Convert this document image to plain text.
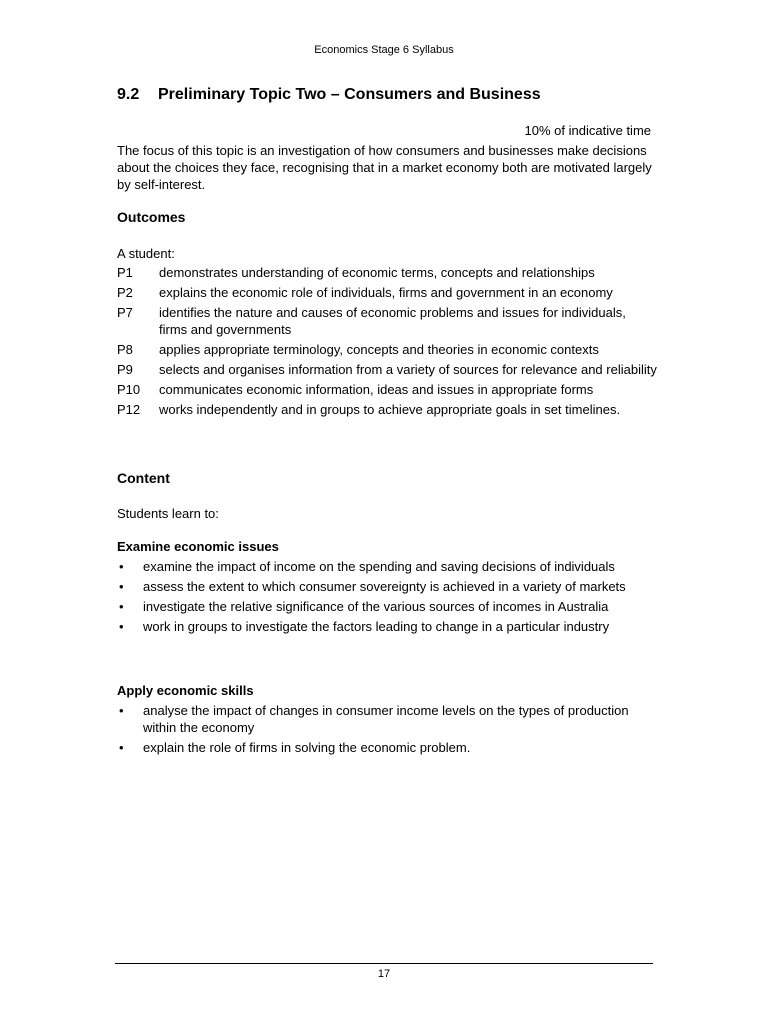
Economics Stage 6 Syllabus
9.2 Preliminary Topic Two – Consumers and Business
10% of indicative time
The focus of this topic is an investigation of how consumers and businesses make decisions about the choices they face, recognising that in a market economy both are motivated largely by self-interest.
Outcomes
A student:
P1	demonstrates understanding of economic terms, concepts and relationships
P2	explains the economic role of individuals, firms and government in an economy
P7	identifies the nature and causes of economic problems and issues for individuals, firms and governments
P8	applies appropriate terminology, concepts and theories in economic contexts
P9	selects and organises information from a variety of sources for relevance and reliability
P10	communicates economic information, ideas and issues in appropriate forms
P12	works independently and in groups to achieve appropriate goals in set timelines.
Content
Students learn to:
Examine economic issues
•	examine the impact of income on the spending and saving decisions of individuals
•	assess the extent to which consumer sovereignty is achieved in a variety of markets
•	investigate the relative significance of the various sources of incomes in Australia
•	work in groups to investigate the factors leading to change in a particular industry
Apply economic skills
•	analyse the impact of changes in consumer income levels on the types of production within the economy
•	explain the role of firms in solving the economic problem.
17
